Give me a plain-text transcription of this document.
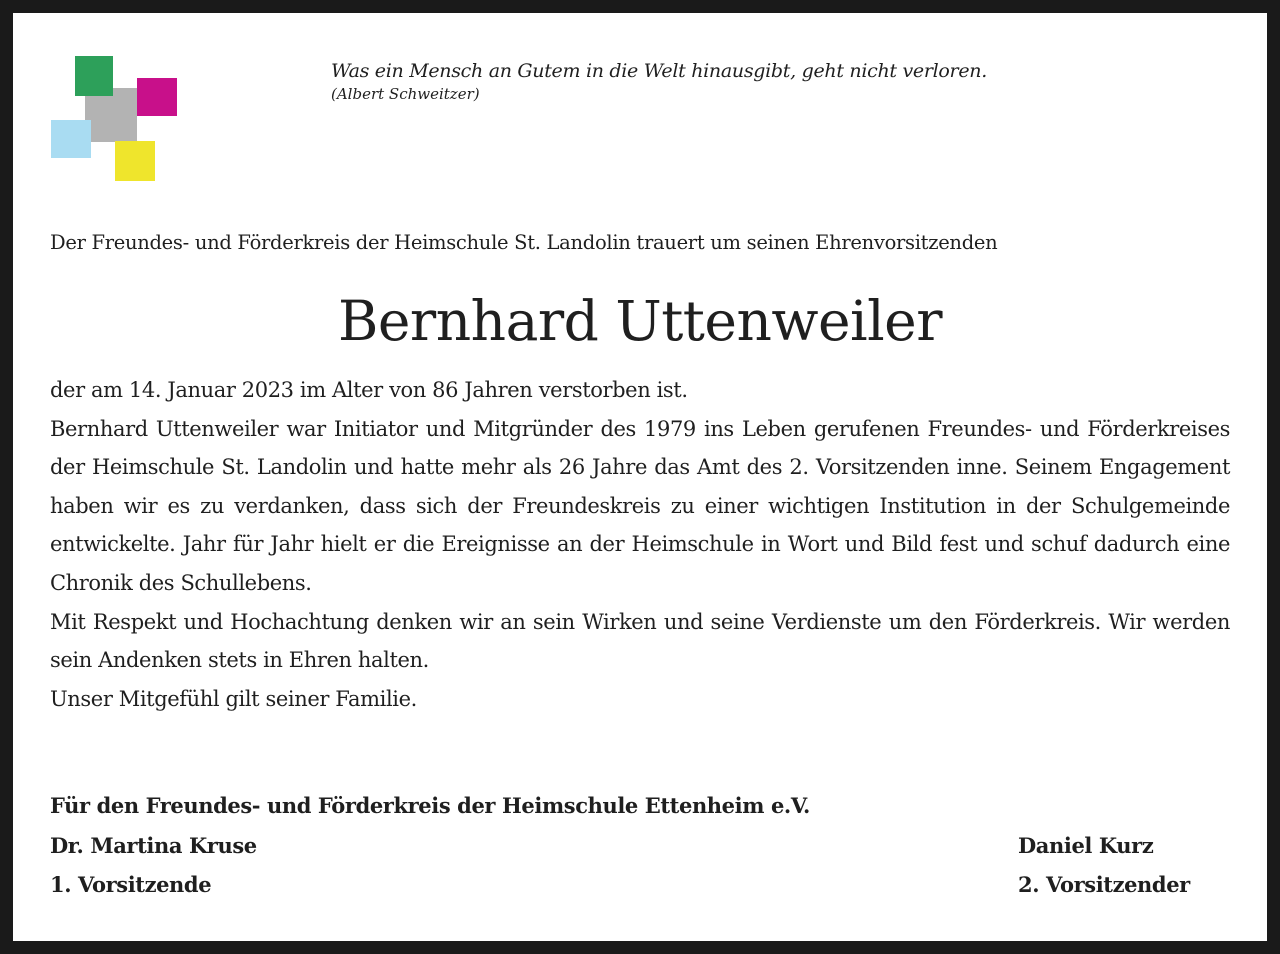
Was ein Mensch an Gutem in die Welt hinausgibt, geht nicht verloren.
(Albert Schweitzer)
Der Freundes- und Förderkreis der Heimschule St. Landolin trauert um seinen Ehrenvorsitzenden
Bernhard Uttenweiler

der am 14. Januar 2023 im Alter von 86 Jahren verstorben ist.

Bernhard Uttenweiler war Initiator und Mitgründer des 1979 ins Leben gerufenen Freundes- und Förderkreises der Heimschule St. Landolin und hatte mehr als 26 Jahre das Amt des 2. Vorsitzenden inne. Seinem Engagement haben wir es zu verdanken, dass sich der Freundeskreis zu einer wichtigen Institution in der Schulgemeinde entwickelte. Jahr für Jahr hielt er die Ereignisse an der Heimschule in Wort und Bild fest und schuf dadurch eine Chronik des Schullebens.

Mit Respekt und Hochachtung denken wir an sein Wirken und seine Verdienste um den Förderkreis. Wir werden sein Andenken stets in Ehren halten.

Unser Mitgefühl gilt seiner Familie.

Für den Freundes- und Förderkreis der Heimschule Ettenheim e.V.
Dr. Martina Kruse
1. Vorsitzende
Daniel Kurz
2. Vorsitzender
